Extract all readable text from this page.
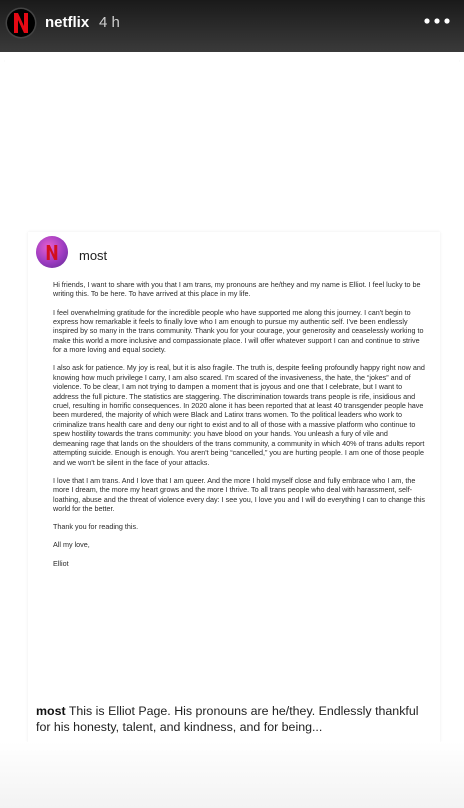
netflix 4 h
most

Hi friends, I want to share with you that I am trans, my pronouns are he/they and my name is Elliot. I feel lucky to be writing this. To be here. To have arrived at this place in my life.

I feel overwhelming gratitude for the incredible people who have supported me along this journey. I can't begin to express how remarkable it feels to finally love who I am enough to pursue my authentic self. I've been endlessly inspired by so many in the trans community. Thank you for your courage, your generosity and ceaselessly working to make this world a more inclusive and compassionate place. I will offer whatever support I can and continue to strive for a more loving and equal society.

I also ask for patience. My joy is real, but it is also fragile. The truth is, despite feeling profoundly happy right now and knowing how much privilege I carry, I am also scared. I'm scared of the invasiveness, the hate, the “jokes” and of violence. To be clear, I am not trying to dampen a moment that is joyous and one that I celebrate, but I want to address the full picture. The statistics are staggering. The discrimination towards trans people is rife, insidious and cruel, resulting in horrific consequences. In 2020 alone it has been reported that at least 40 transgender people have been murdered, the majority of which were Black and Latinx trans women. To the political leaders who work to criminalize trans health care and deny our right to exist and to all of those with a massive platform who continue to spew hostility towards the trans community: you have blood on your hands. You unleash a fury of vile and demeaning rage that lands on the shoulders of the trans community, a community in which 40% of trans adults report attempting suicide. Enough is enough. You aren't being “cancelled,” you are hurting people. I am one of those people and we won't be silent in the face of your attacks.

I love that I am trans. And I love that I am queer. And the more I hold myself close and fully embrace who I am, the more I dream, the more my heart grows and the more I thrive. To all trans people who deal with harassment, self-loathing, abuse and the threat of violence every day: I see you, I love you and I will do everything I can to change this world for the better.

Thank you for reading this.

All my love,

Elliot

most This is Elliot Page. His pronouns are he/they. Endlessly thankful for his honesty, talent, and kindness, and for being...
